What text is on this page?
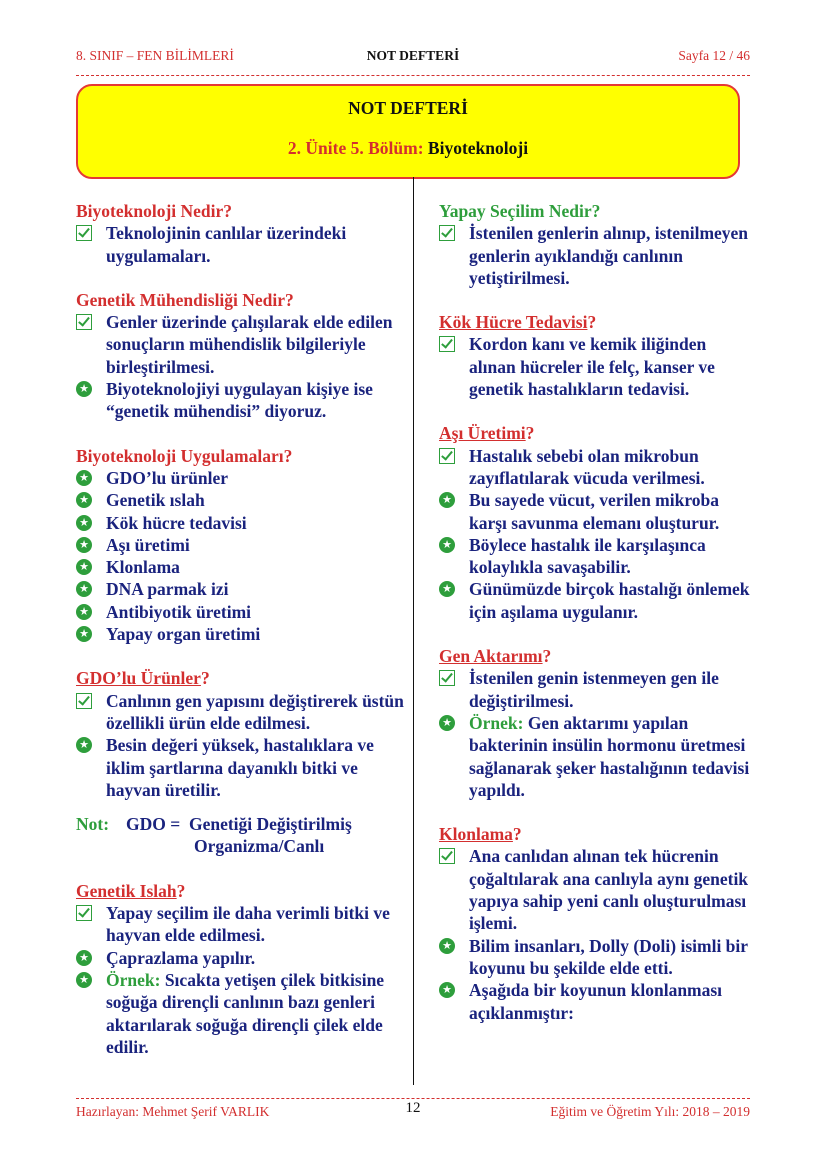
8. SINIF – FEN BİLİMLERİ	NOT DEFTERİ	Sayfa 12 / 46
NOT DEFTERİ
2. Ünite 5. Bölüm: Biyoteknoloji
Biyoteknoloji Nedir?
Teknolojinin canlılar üzerindeki uygulamaları.
Genetik Mühendisliği Nedir?
Genler üzerinde çalışılarak elde edilen sonuçların mühendislik bilgileriyle birleştirilmesi.
★ Biyoteknolojiyi uygulayan kişiye ise “genetik mühendisi” diyoruz.
Biyoteknoloji Uygulamaları?
★ GDO’lu ürünler
★ Genetik ıslah
★ Kök hücre tedavisi
★ Aşı üretimi
★ Klonlama
★ DNA parmak izi
★ Antibiyotik üretimi
★ Yapay organ üretimi
GDO’lu Ürünler?
Canlının gen yapısını değiştirerek üstün özellikli ürün elde edilmesi.
★ Besin değeri yüksek, hastalıklara ve iklim şartlarına dayanıklı bitki ve hayvan üretilir.
Not: GDO =  Genetiği Değiştirilmiş
Organizma/Canlı
Genetik Islah?
Yapay seçilim ile daha verimli bitki ve hayvan elde edilmesi.
★ Çaprazlama yapılır.
★ Örnek: Sıcakta yetişen çilek bitkisine soğuğa dirençli canlının bazı genleri aktarılarak soğuğa dirençli çilek elde edilir.
Yapay Seçilim Nedir?
İstenilen genlerin alınıp, istenilmeyen genlerin ayıklandığı canlının yetiştirilmesi.
Kök Hücre Tedavisi?
Kordon kanı ve kemik iliğinden alınan hücreler ile felç, kanser ve genetik hastalıkların tedavisi.
Aşı Üretimi?
Hastalık sebebi olan mikrobun zayıflatılarak vücuda verilmesi.
★ Bu sayede vücut, verilen mikroba karşı savunma elemanı oluşturur.
★ Böylece hastalık ile karşılaşınca kolaylıkla savaşabilir.
★ Günümüzde birçok hastalığı önlemek için aşılama uygulanır.
Gen Aktarımı?
İstenilen genin istenmeyen gen ile değiştirilmesi.
★ Örnek: Gen aktarımı yapılan bakterinin insülin hormonu üretmesi sağlanarak şeker hastalığının tedavisi yapıldı.
Klonlama?
Ana canlıdan alınan tek hücrenin çoğaltılarak ana canlıyla aynı genetik yapıya sahip yeni canlı oluşturulması işlemi.
★ Bilim insanları, Dolly (Doli) isimli bir koyunu bu şekilde elde etti.
★ Aşağıda bir koyunun klonlanması açıklanmıştır:
Hazırlayan: Mehmet Şerif VARLIK	12	Eğitim ve Öğretim Yılı: 2018 – 2019
